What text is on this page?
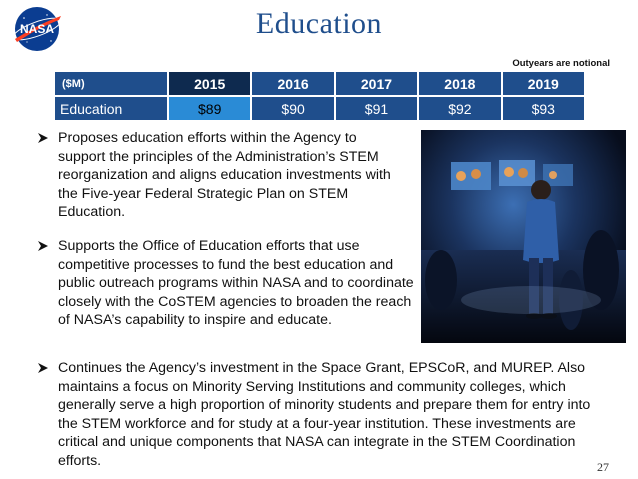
NASA	Education
Outyears are notional
($M)	2015	2016	2017	2018	2019
Education	$89	$90	$91	$92	$93
Proposes education efforts within the Agency to support the principles of the Administration’s STEM reorganization and aligns education investments with the Five-year Federal Strategic Plan on STEM Education.
Supports the Office of Education efforts that use competitive processes to fund the best education and public outreach programs within NASA and to coordinate closely with the CoSTEM agencies to broaden the reach of NASA’s capability to inspire and educate.
Continues the Agency’s investment in the Space Grant, EPSCoR, and MUREP. Also maintains a focus on Minority Serving Institutions and community colleges, which generally serve a high proportion of minority students and prepare them for entry into the STEM workforce and for study at a four-year institution. These investments are critical and unique components that NASA can integrate in the STEM Coordination efforts.	27
